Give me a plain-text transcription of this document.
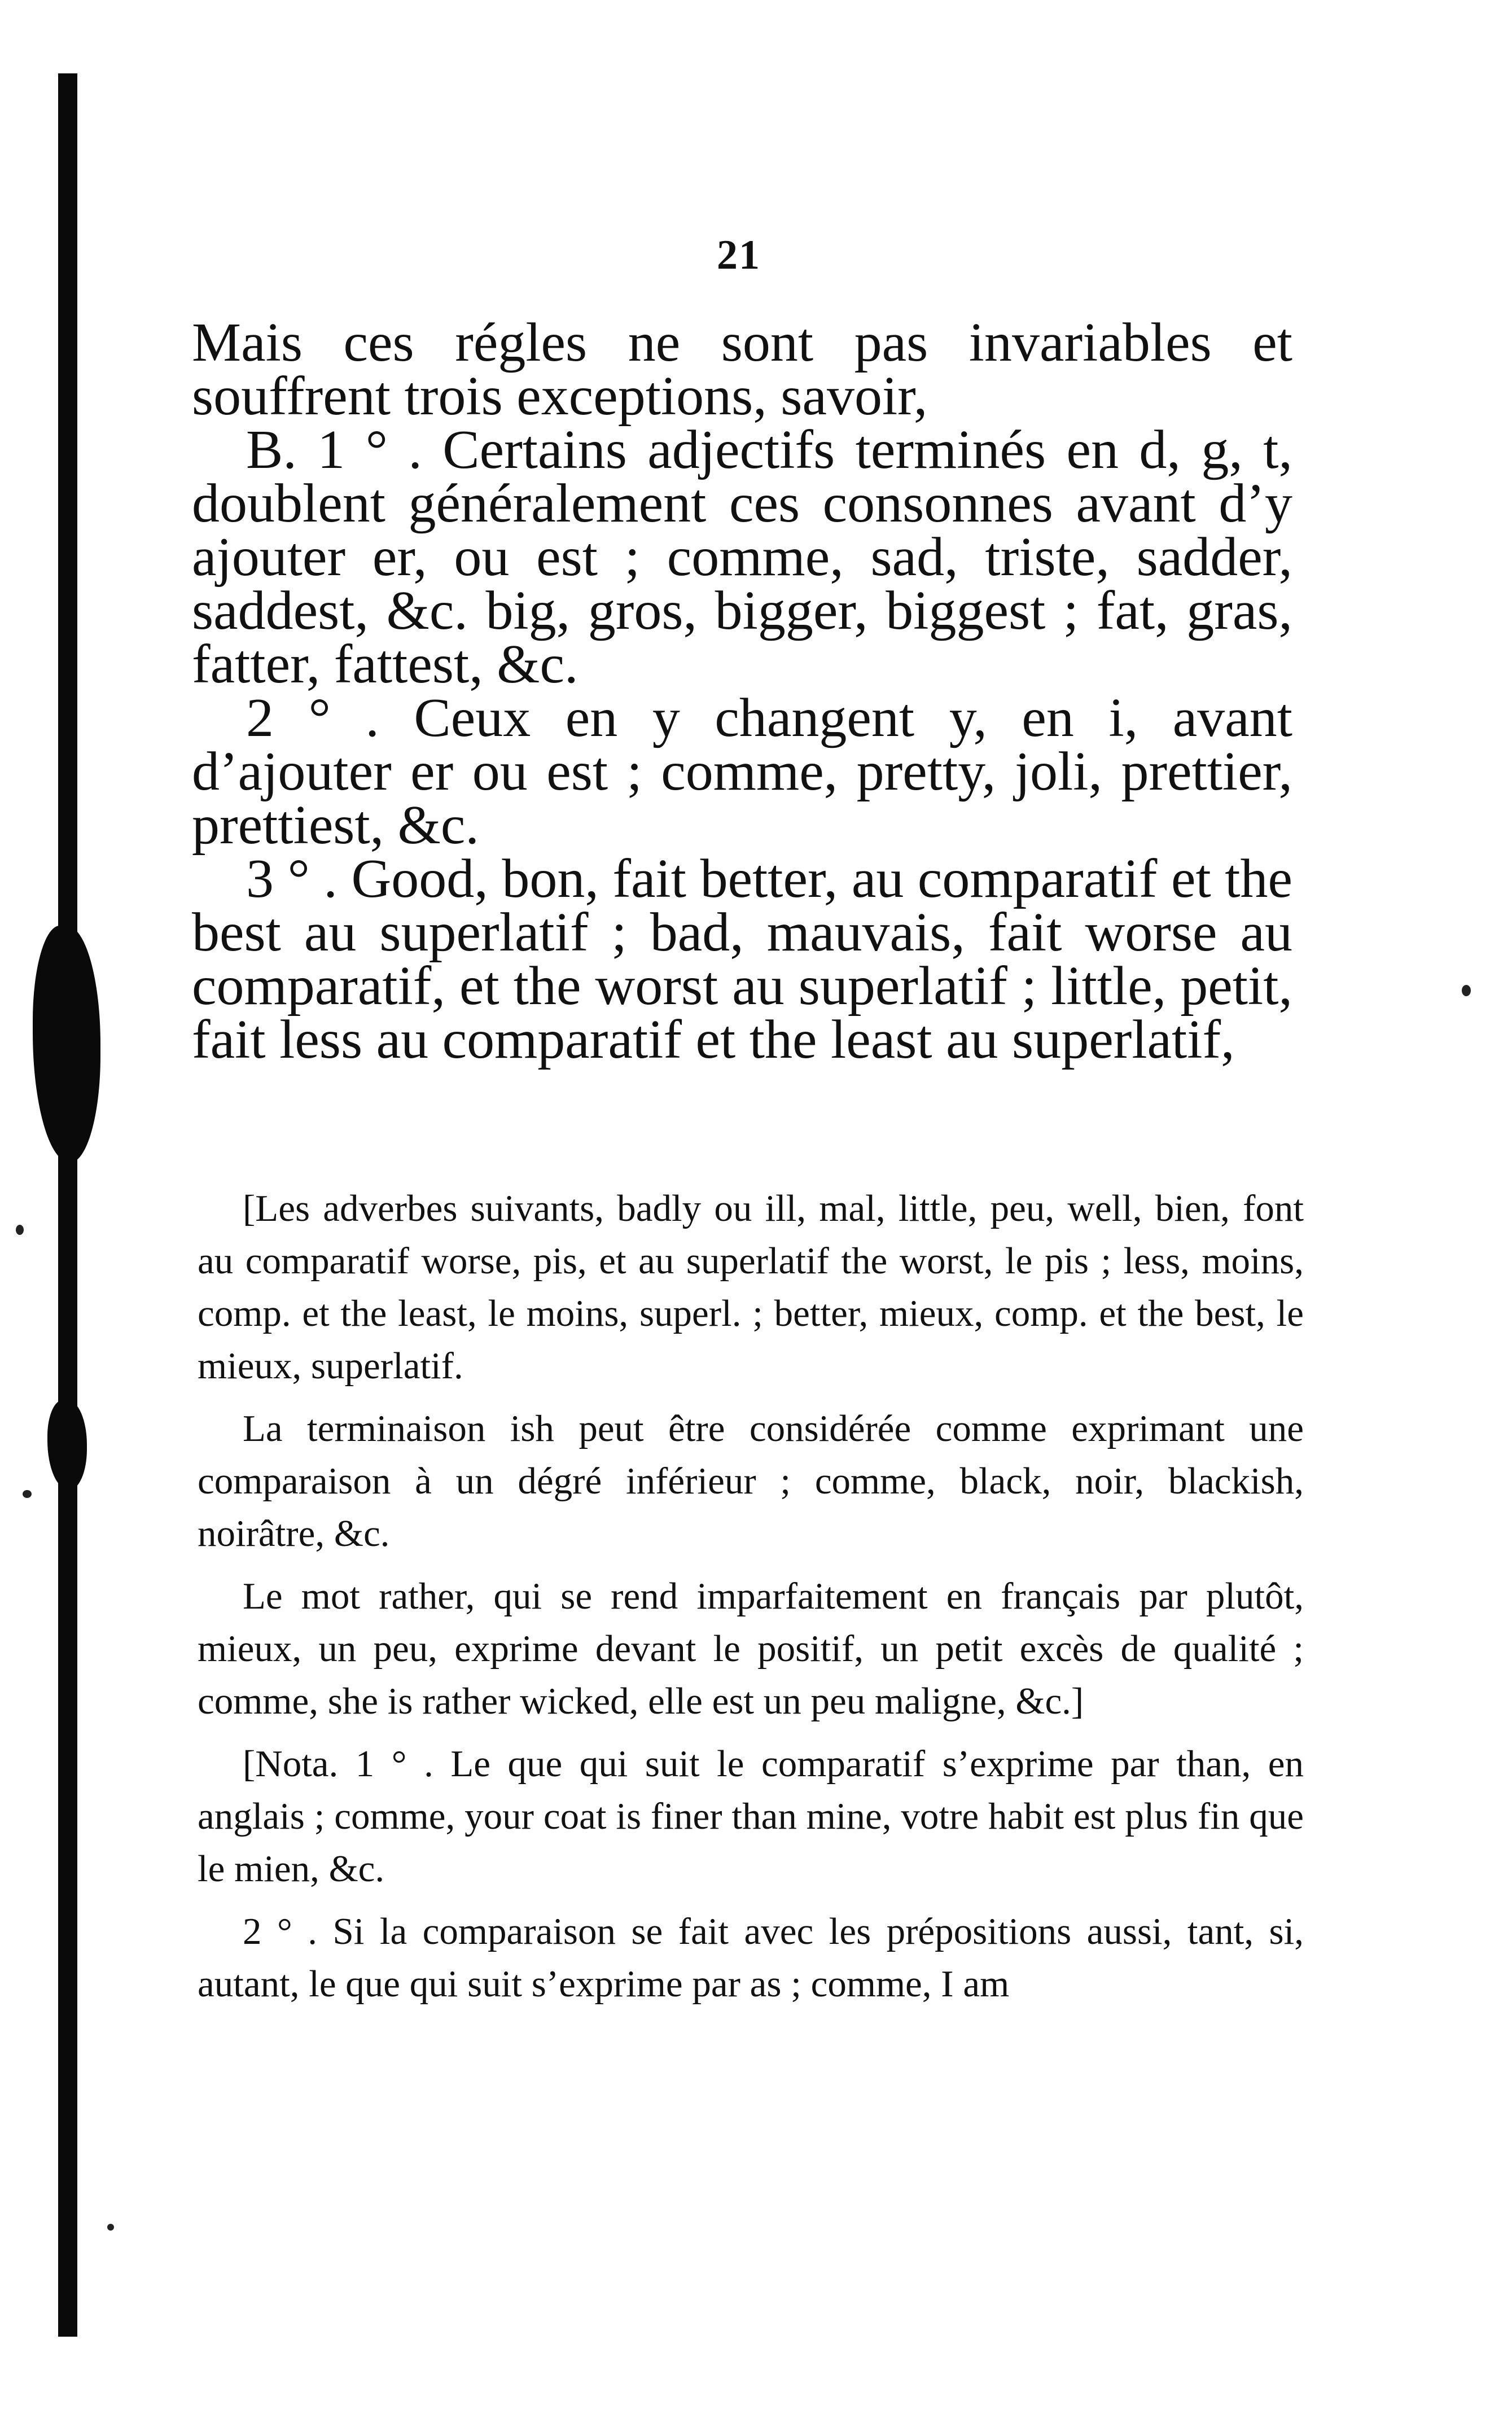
21

Mais ces régles ne sont pas invariables et souffrent trois exceptions, savoir,

B. 1 ° . Certains adjectifs terminés en d, g, t, doublent généralement ces consonnes avant d’y ajouter er, ou est ; comme, sad, triste, sadder, saddest, &c. big, gros, bigger, biggest ; fat, gras, fatter, fattest, &c.

2 ° . Ceux en y changent y, en i, avant d’ajouter er ou est ; comme, pretty, joli, prettier, prettiest, &c.

3 ° . Good, bon, fait better, au comparatif et the best au superlatif ; bad, mauvais, fait worse au comparatif, et the worst au superlatif ; little, petit, fait less au comparatif et the least au superlatif,

[Les adverbes suivants, badly ou ill, mal, little, peu, well, bien, font au comparatif worse, pis, et au superlatif the worst, le pis ; less, moins, comp. et the least, le moins, superl. ; better, mieux, comp. et the best, le mieux, superlatif.

La terminaison ish peut être considérée comme exprimant une comparaison à un dégré inférieur ; comme, black, noir, blackish, noirâtre, &c.

Le mot rather, qui se rend imparfaitement en français par plutôt, mieux, un peu, exprime devant le positif, un petit excès de qualité ; comme, she is rather wicked, elle est un peu maligne, &c.]

[Nota. 1 ° . Le que qui suit le comparatif s’exprime par than, en anglais ; comme, your coat is finer than mine, votre habit est plus fin que le mien, &c.

2 ° . Si la comparaison se fait avec les prépositions aussi, tant, si, autant, le que qui suit s’exprime par as ; comme, I am
